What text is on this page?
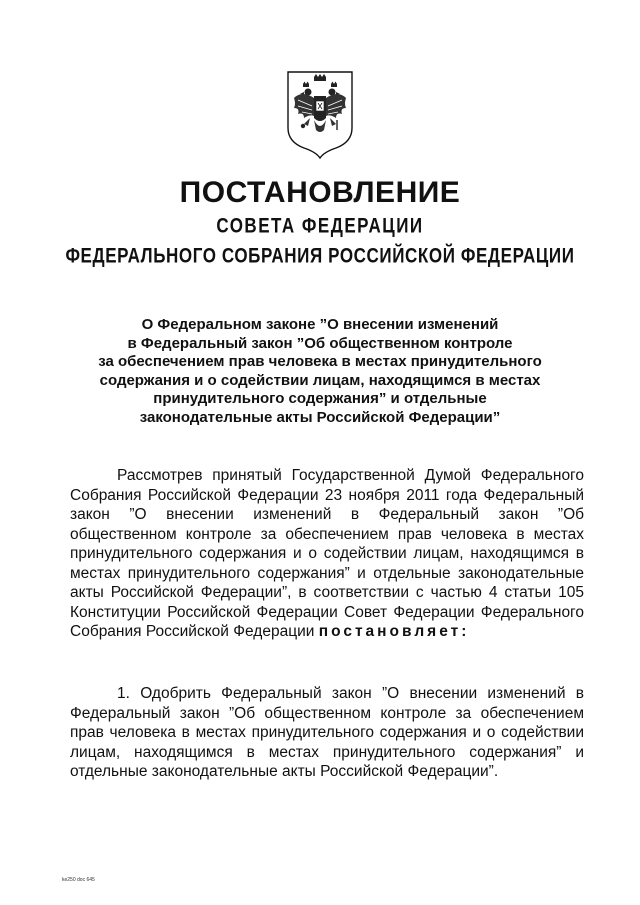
ПОСТАНОВЛЕНИЕ
СОВЕТА ФЕДЕРАЦИИ
ФЕДЕРАЛЬНОГО СОБРАНИЯ РОССИЙСКОЙ ФЕДЕРАЦИИ
О Федеральном законе ”О внесении изменений
в Федеральный закон ”Об общественном контроле
за обеспечением прав человека в местах принудительного
содержания и о содействии лицам, находящимся в местах
принудительного содержания” и отдельные
законодательные акты Российской Федерации”

Рассмотрев принятый Государственной Думой Федерального Собрания Российской Федерации 23 ноября 2011 года Федеральный закон ”О внесении изменений в Федеральный закон ”Об общественном контроле за обеспечением прав человека в местах принудительного содержания и о содействии лицам, находящимся в местах принудительного содержания” и отдельные законодательные акты Российской Федерации”, в соответствии с частью 4 статьи 105 Конституции Российской Федерации Совет Федерации Федерального Собрания Российской Федерации постановляет:

1. Одобрить Федеральный закон ”О внесении изменений в Федеральный закон ”Об общественном контроле за обеспечением прав человека в местах принудительного содержания и о содействии лицам, находящимся в местах принудительного содержания” и отдельные законодательные акты Российской Федерации”.

ke250 doc 645
